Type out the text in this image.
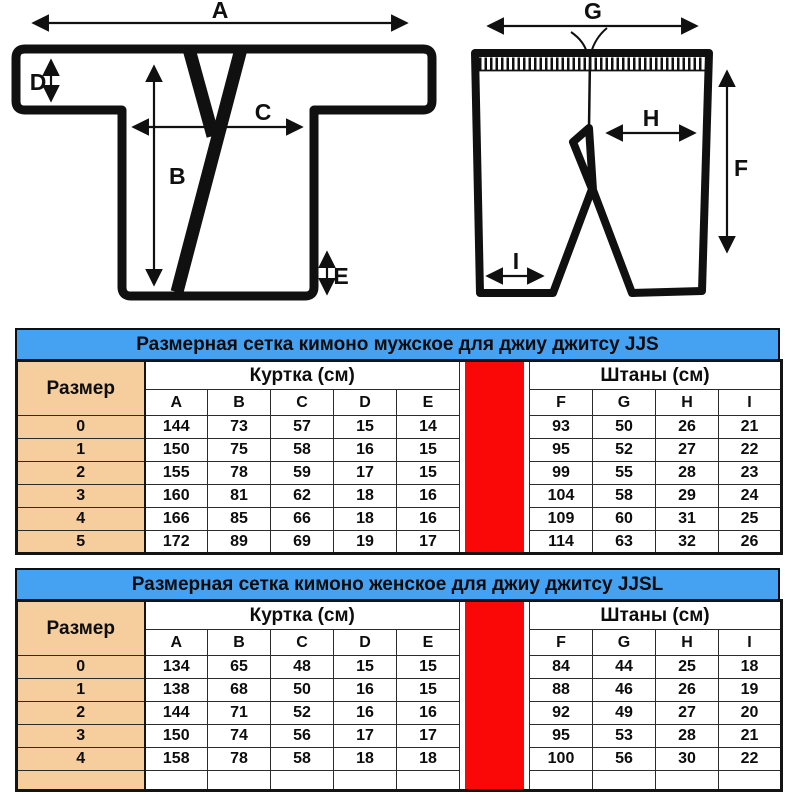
A
D
B
C
E
G
H
F
I
Размерная сетка кимоно мужское для джиу джитсу JJS
Размер	Куртка (см)						Штаны (см)			
	A	B	C	D	E		F	G	H	I
0	144	73	57	15	14		93	50	26	21
1	150	75	58	16	15		95	52	27	22
2	155	78	59	17	15		99	55	28	23
3	160	81	62	18	16		104	58	29	24
4	166	85	66	18	16		109	60	31	25
5	172	89	69	19	17		114	63	32	26
Размерная сетка кимоно женское для джиу джитсу JJSL
Размер	Куртка (см)						Штаны (см)			
	A	B	C	D	E		F	G	H	I
0	134	65	48	15	15		84	44	25	18
1	138	68	50	16	15		88	46	26	19
2	144	71	52	16	16		92	49	27	20
3	150	74	56	17	17		95	53	28	21
4	158	78	58	18	18		100	56	30	22
